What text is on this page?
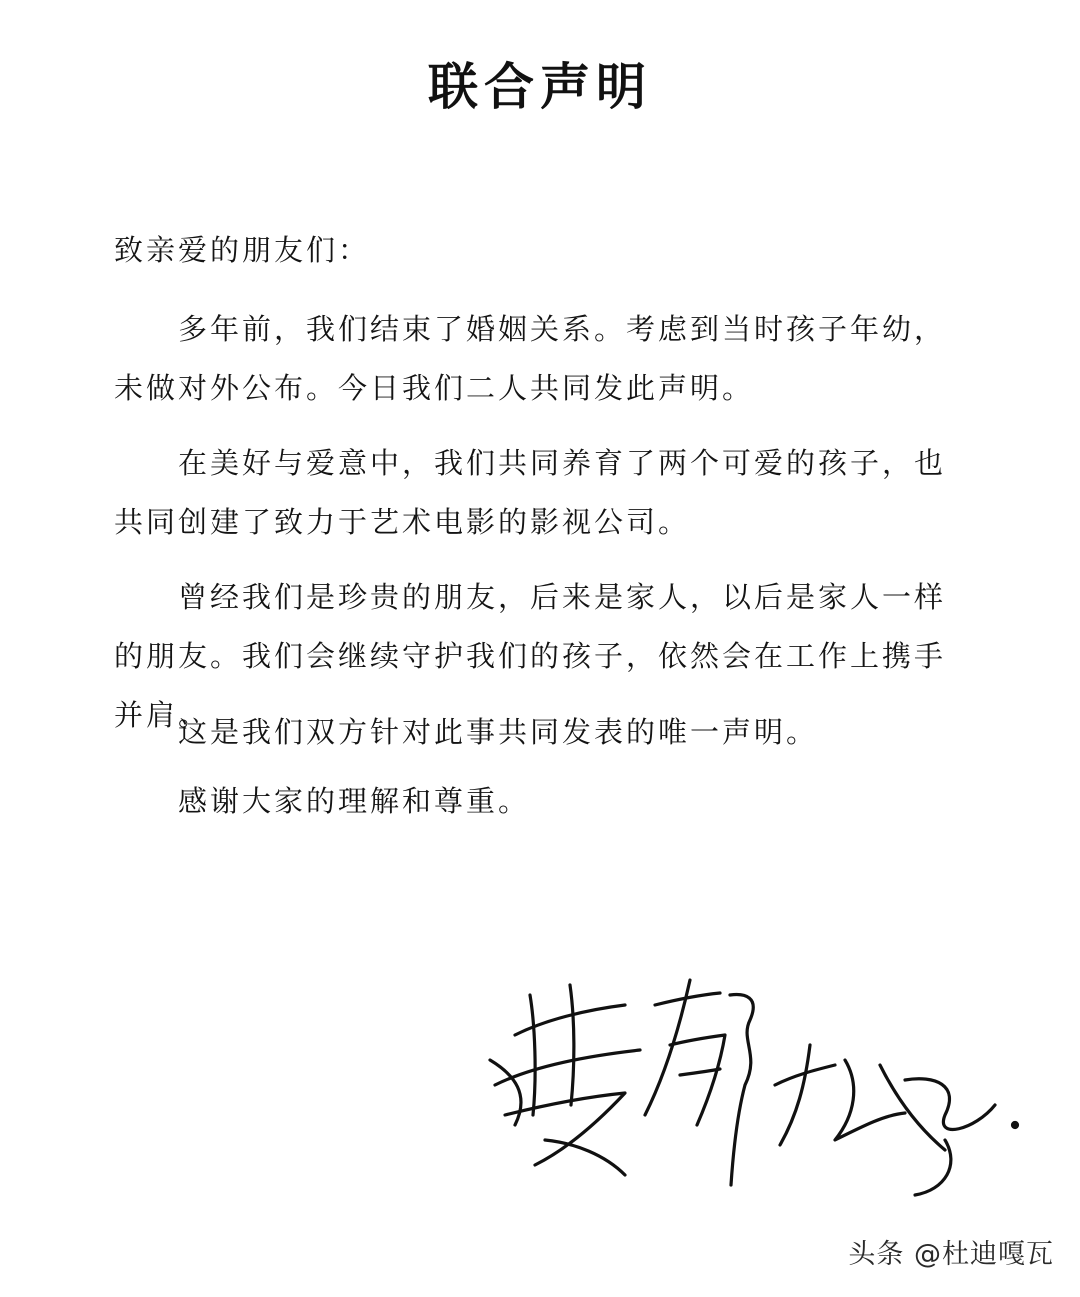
联合声明
致亲爱的朋友们：

多年前，我们结束了婚姻关系。考虑到当时孩子年幼，未做对外公布。今日我们二人共同发此声明。

在美好与爱意中，我们共同养育了两个可爱的孩子，也共同创建了致力于艺术电影的影视公司。

曾经我们是珍贵的朋友，后来是家人，以后是家人一样的朋友。我们会继续守护我们的孩子，依然会在工作上携手并肩。

这是我们双方针对此事共同发表的唯一声明。

感谢大家的理解和尊重。

头条 @杜迪嘎瓦
